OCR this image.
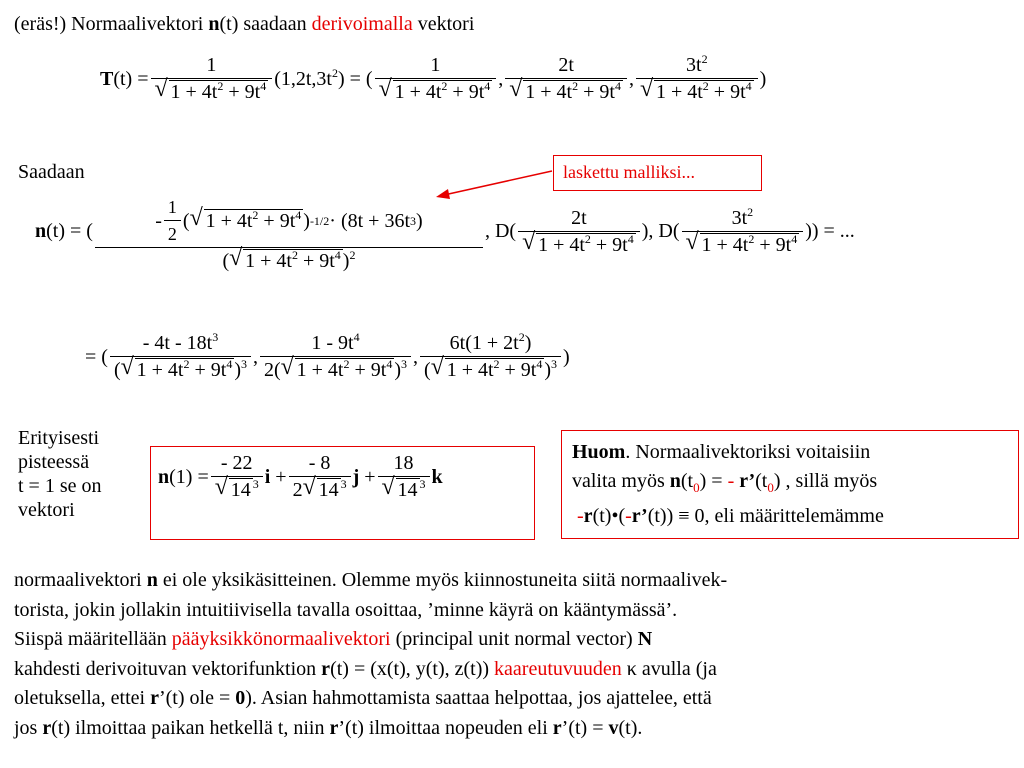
(eräs!) Normaalivektori n(t) saadaan derivoimalla vektori
T(t) = 1
√ $1 + 4t^2 + 9t^4$ $(1,2t,3t^2)$ = ( 1
√ $1 + 4t^2 + 9t^4$ , 2t
√ $1 + 4t^2 + 9t^4$ , $3t^2$
√ $1 + 4t^2 + 9t^4$ )
Saadaan	laskettu malliksi...
n(t) = ( - $\frac{1}{2}$ (
√ $1 + 4t^2 + 9t^4$ ) -1/2 · (8t + 36t 3 )
(√ $1 + 4t^2 + 9t^4$ )$^2$ , D( 2t
√ $1 + 4t^2 + 9t^4$ ), D( $3t^2$
√ $1 + 4t^2 + 9t^4$ )) = ...
= ( $\frac{- 4t - 18t^3}{(√ 1 + 4t^2 + 9t^4 )^3}$ , $\frac{1 - 9t^4}{2(√ 1 + 4t^2 + 9t^4 )^3}$ , $\frac{6t(1 + 2t^2)}{(√ 1 + 4t^2 + 9t^4 )^3}$ )
Erityisesti
pisteessä
t = 1 se on
vektori
n(1) = - 22
√ 14 $^3$ $i + \frac{- 8}{2√ 14 ^3}$ j + 18
√ 14 $^3$ k
Huom. Normaalivektoriksi voitaisiin
valita myös $n(t_0)$ = - $r’(t_0)$ , sillä myös
-r(t)•(-r’(t)) ≡ 0, eli määrittelemämme
normaalivektori n ei ole yksikäsitteinen. Olemme myös kiinnostuneita siitä normaalivek-
torista, jokin jollakin intuitiivisella tavalla osoittaa, ’minne käyrä on kääntymässä’.
Siispä määritellään pääyksikkönormaalivektori (principal unit normal vector) N
kahdesti derivoituvan vektorifunktion r(t) = (x(t), y(t), z(t)) kaareutuvuuden κ avulla (ja
oletuksella, ettei r’(t) ole = 0). Asian hahmottamista saattaa helpottaa, jos ajattelee, että
jos r(t) ilmoittaa paikan hetkellä t, niin r’(t) ilmoittaa nopeuden eli r’(t) = v(t).
